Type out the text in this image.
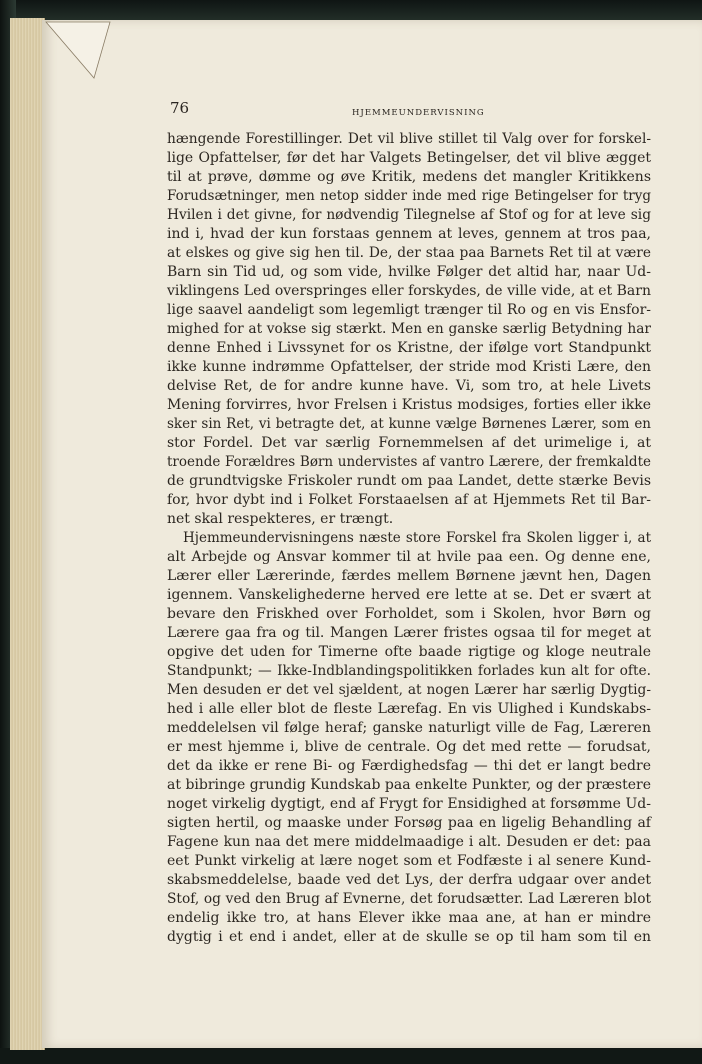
76	HJEMMEUNDERVISNING
hængende Forestillinger. Det vil blive stillet til Valg over for forskel-
lige Opfattelser, før det har Valgets Betingelser, det vil blive ægget
til at prøve, dømme og øve Kritik, medens det mangler Kritikkens
Forudsætninger, men netop sidder inde med rige Betingelser for tryg
Hvilen i det givne, for nødvendig Tilegnelse af Stof og for at leve sig
ind i, hvad der kun forstaas gennem at leves, gennem at tros paa,
at elskes og give sig hen til. De, der staa paa Barnets Ret til at være
Barn sin Tid ud, og som vide, hvilke Følger det altid har, naar Ud-
viklingens Led overspringes eller forskydes, de ville vide, at et Barn
lige saavel aandeligt som legemligt trænger til Ro og en vis Ensfor-
mighed for at vokse sig stærkt. Men en ganske særlig Betydning har
denne Enhed i Livssynet for os Kristne, der ifølge vort Standpunkt
ikke kunne indrømme Opfattelser, der stride mod Kristi Lære, den
delvise Ret, de for andre kunne have. Vi, som tro, at hele Livets
Mening forvirres, hvor Frelsen i Kristus modsiges, forties eller ikke
sker sin Ret, vi betragte det, at kunne vælge Børnenes Lærer, som en
stor Fordel. Det var særlig Fornemmelsen af det urimelige i, at
troende Forældres Børn undervistes af vantro Lærere, der fremkaldte
de grundtvigske Friskoler rundt om paa Landet, dette stærke Bevis
for, hvor dybt ind i Folket Forstaaelsen af at Hjemmets Ret til Bar-
net skal respekteres, er trængt.
Hjemmeundervisningens næste store Forskel fra Skolen ligger i, at
alt Arbejde og Ansvar kommer til at hvile paa een. Og denne ene,
Lærer eller Lærerinde, færdes mellem Børnene jævnt hen, Dagen
igennem. Vanskelighederne herved ere lette at se. Det er svært at
bevare den Friskhed over Forholdet, som i Skolen, hvor Børn og
Lærere gaa fra og til. Mangen Lærer fristes ogsaa til for meget at
opgive det uden for Timerne ofte baade rigtige og kloge neutrale
Standpunkt; — Ikke-Indblandingspolitikken forlades kun alt for ofte.
Men desuden er det vel sjældent, at nogen Lærer har særlig Dygtig-
hed i alle eller blot de fleste Lærefag. En vis Ulighed i Kundskabs-
meddelelsen vil følge heraf; ganske naturligt ville de Fag, Læreren
er mest hjemme i, blive de centrale. Og det med rette — forudsat,
det da ikke er rene Bi- og Færdighedsfag — thi det er langt bedre
at bibringe grundig Kundskab paa enkelte Punkter, og der præstere
noget virkelig dygtigt, end af Frygt for Ensidighed at forsømme Ud-
sigten hertil, og maaske under Forsøg paa en ligelig Behandling af
Fagene kun naa det mere middelmaadige i alt. Desuden er det: paa
eet Punkt virkelig at lære noget som et Fodfæste i al senere Kund-
skabsmeddelelse, baade ved det Lys, der derfra udgaar over andet
Stof, og ved den Brug af Evnerne, det forudsætter. Lad Læreren blot
endelig ikke tro, at hans Elever ikke maa ane, at han er mindre
dygtig i et end i andet, eller at de skulle se op til ham som til en
